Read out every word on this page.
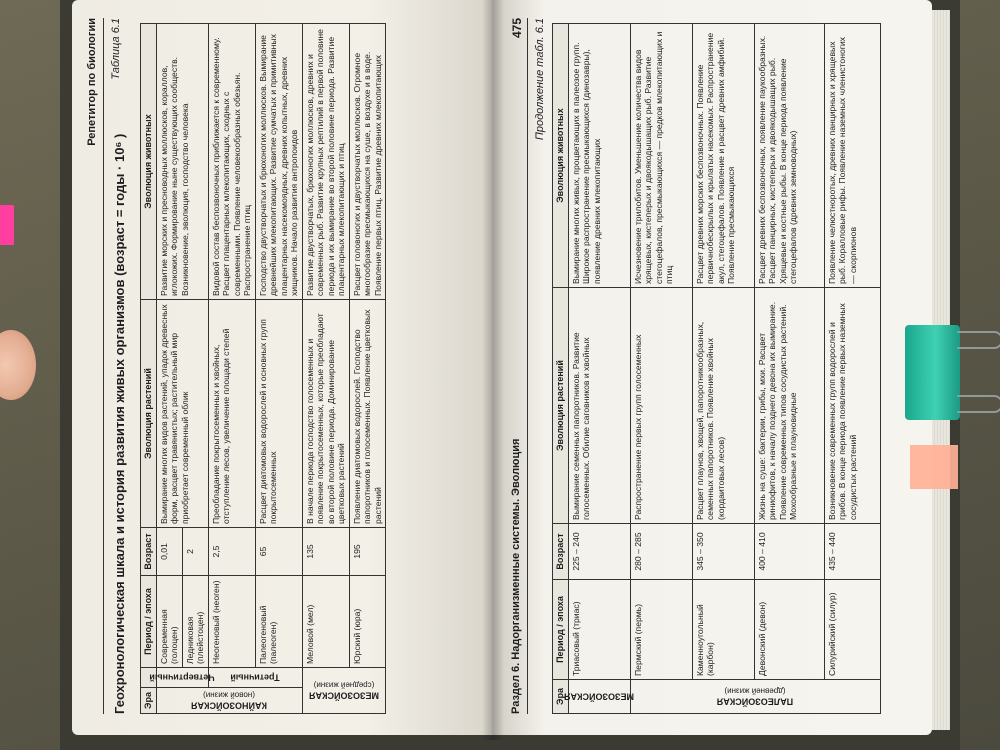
Репетитор по биологии
Геохронологическая шкала и история развития живых организмов (возраст = годы · 10⁶ )
Таблица 6.1
Эра		Период / эпоха	Возраст	Эволюция растений	Эволюция животных

КАЙНОЗОЙСКАЯ
(новой жизни)	Четвертичный	Современная (голоцен)	0,01	Вымирание многих видов растений, упадок древесных форм, расцвет травянистых; растительный мир приобретает современный облик	Развитие морских и пресноводных моллюсков, кораллов, иглокожих. Формирование ныне существующих сообществ. Возникновение, эволюция, господство человека
		Ледниковая (плейстоцен)	2		

	Третичный	Неогеновый (неоген)	2,5	Преобладание покрытосеменных и хвойных, отступление лесов, увеличение площади степей	Видовой состав беспозвоночных приближается к современному. Расцвет плацентарных млекопитающих, сходных с современными. Появление человекообразных обезьян. Распространение птиц
		Палеогеновый (палеоген)	65	Расцвет диатомовых водорослей и основных групп покрытосеменных	Господство двустворчатых и брюхоногих моллюсков. Вымирание древнейших млекопитающих. Развитие сумчатых и примитивных плацентарных насекомоядных, древних копытных, древних хищников. Начало развития антропоидов

МЕЗОЗОЙСКАЯ
(средней жизни)		Меловой (мел)	135	В начале периода господство голосеменных и появление покрытосеменных, которые преобладают во второй половине периода. Доминирование цветковых растений	Развитие двустворчатых, брюхоногих моллюсков, древних и современных рыб. Развитие крупных рептилий в первой половине периода и их вымирание во второй половине периода. Развитие плацентарных млекопитающих и птиц
		Юрский (юра)	195	Появление диатомовых водорослей. Господство папоротников и голосеменных. Появление цветковых растений	Расцвет головоногих и двустворчатых моллюсков. Огромное многообразие пресмыкающихся на суше, в воздухе и в воде. Появление первых птиц. Развитие древних млекопитающих
Раздел 6. Надорганизменные системы. Эволюция
475 Продолжение табл. 6.1
Эра	Период / эпоха	Возраст	Эволюция растений	Эволюция животных

МЕЗОЗОЙСКАЯ	Триасовый (триас)	225 – 240	Вымирание семенных папоротников. Развитие голосеменных. Обилие саговников и хвойных	Вымирание многих живых, процветающих в палеозое групп. Широкое распространение пресмыкающихся (динозавры), появление древних млекопитающих

ПАЛЕОЗОЙСКАЯ
(древней жизни)	Пермский (пермь)	280 – 285	Распространение первых групп голосеменных	Исчезновение трилобитов. Уменьшение количества видов хрящевых, кистеперых и двоякодышащих рыб. Развитие стегоцефалов, пресмыкающихся — предков млекопитающих и птиц
	Каменноугольный (карбон)	345 – 350	Расцвет плаунов, хвощей, папоротникообразных, семенных папоротников. Появление хвойных (кордаитовых лесов)	Расцвет древних морских беспозвоночных. Появление первичнобескрылых и крылатых насекомых. Распространение акул, стегоцефалов. Появление и расцвет древних амфибий. Появление пресмыкающихся
	Девонский (девон)	400 – 410	Жизнь на суше: бактерии, грибы, мхи. Расцвет риниофитов, к началу позднего девона их вымирание. Появление современных типов сосудистых растений. Мохообразные и плауновидные	Расцвет древних беспозвоночных, появление паукообразных. Расцвет панцирных, кистеперых и двоякодышащих рыб. Хрящевые и костные рыбы. В конце периода появление стегоцефалов (древних земноводных)
	Силурийский (силур)	435 – 440	Возникновение современных групп водорослей и грибов. В конце периода появление первых наземных сосудистых растений	Появление челюстноротых, древних панцирных и хрящевых рыб. Коралловые рифы. Появление наземных членистоногих — скорпионов
